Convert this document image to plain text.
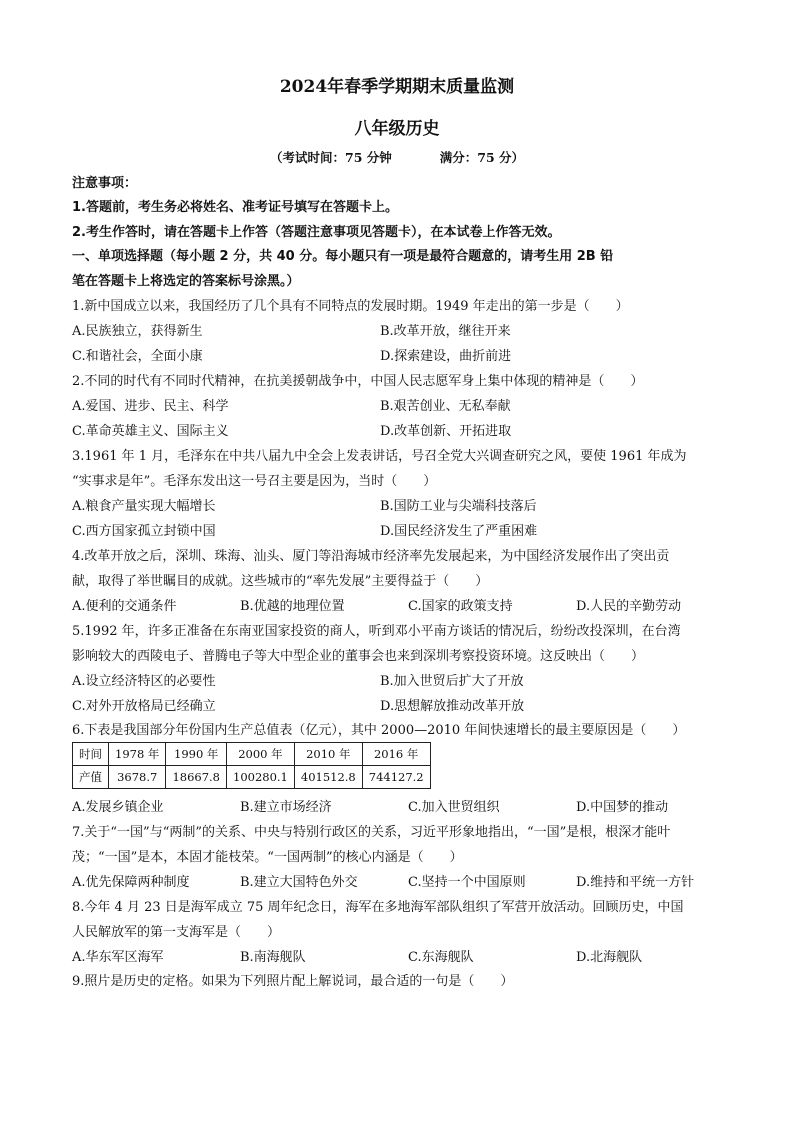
2024年春季学期期末质量监测
八年级历史
（考试时间：75 分钟	满分：75 分）
注意事项：
1.答题前，考生务必将姓名、准考证号填写在答题卡上。
2.考生作答时，请在答题卡上作答（答题注意事项见答题卡），在本试卷上作答无效。
一、单项选择题（每小题 2 分，共 40 分。每小题只有一项是最符合题意的，请考生用 2B 铅
笔在答题卡上将选定的答案标号涂黑。）
1.新中国成立以来，我国经历了几个具有不同特点的发展时期。1949 年走出的第一步是（　　）
A.民族独立，获得新生	B.改革开放，继往开来
C.和谐社会，全面小康	D.探索建设，曲折前进
2.不同的时代有不同时代精神，在抗美援朝战争中，中国人民志愿军身上集中体现的精神是（　　）
A.爱国、进步、民主、科学	B.艰苦创业、无私奉献
C.革命英雄主义、国际主义	D.改革创新、开拓进取
3.1961 年 1 月，毛泽东在中共八届九中全会上发表讲话，号召全党大兴调查研究之风，要使 1961 年成为
“实事求是年”。毛泽东发出这一号召主要是因为，当时（　　）
A.粮食产量实现大幅增长	B.国防工业与尖端科技落后
C.西方国家孤立封锁中国	D.国民经济发生了严重困难
4.改革开放之后，深圳、珠海、汕头、厦门等沿海城市经济率先发展起来，为中国经济发展作出了突出贡
献，取得了举世瞩目的成就。这些城市的“率先发展”主要得益于（　　）
A.便利的交通条件	B.优越的地理位置	C.国家的政策支持	D.人民的辛勤劳动
5.1992 年，许多正准备在东南亚国家投资的商人，听到邓小平南方谈话的情况后，纷纷改投深圳，在台湾
影响较大的西陵电子、普腾电子等大中型企业的董事会也来到深圳考察投资环境。这反映出（　　）
A.设立经济特区的必要性	B.加入世贸后扩大了开放
C.对外开放格局已经确立	D.思想解放推动改革开放
6.下表是我国部分年份国内生产总值表（亿元），其中 2000—2010 年间快速增长的最主要原因是（　　）
时间	1978 年	1990 年	2000 年	2010 年	2016 年
产值	3678.7	18667.8	100280.1	401512.8	744127.2
A.发展乡镇企业	B.建立市场经济	C.加入世贸组织	D.中国梦的推动
7.关于“一国”与“两制”的关系、中央与特别行政区的关系，习近平形象地指出，“一国”是根，根深才能叶
茂；“一国”是本，本固才能枝荣。“一国两制”的核心内涵是（　　）
A.优先保障两种制度	B.建立大国特色外交	C.坚持一个中国原则	D.维持和平统一方针
8.今年 4 月 23 日是海军成立 75 周年纪念日，海军在多地海军部队组织了军营开放活动。回顾历史，中国
人民解放军的第一支海军是（　　）
A.华东军区海军	B.南海舰队	C.东海舰队	D.北海舰队
9.照片是历史的定格。如果为下列照片配上解说词，最合适的一句是（　　）
